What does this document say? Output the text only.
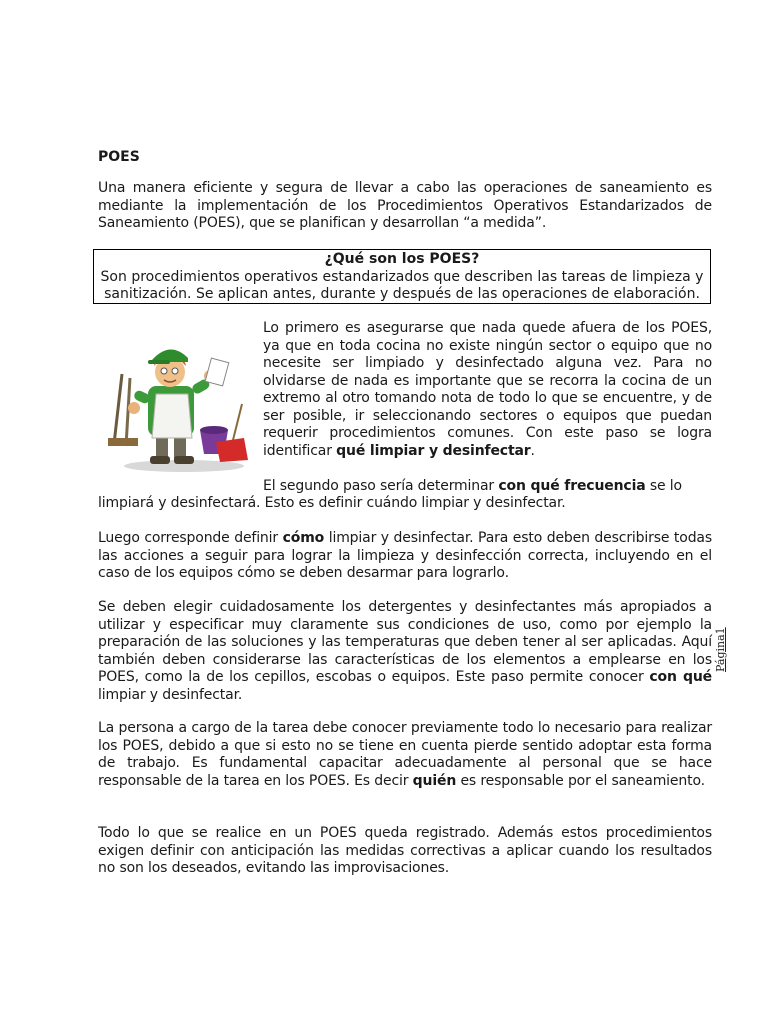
POES

Una manera eficiente y segura de llevar a cabo las operaciones de saneamiento es mediante la implementación de los Procedimientos Operativos Estandarizados de Saneamiento (POES), que se planifican y desarrollan “a medida”.

¿Qué son los POES?
Son procedimientos operativos estandarizados que describen las tareas de limpieza y sanitización. Se aplican antes, durante y después de las operaciones de elaboración.

Lo primero es asegurarse que nada quede afuera de los POES, ya que en toda cocina no existe ningún sector o equipo que no necesite ser limpiado y desinfectado alguna vez. Para no olvidarse de nada es importante que se recorra la cocina de un extremo al otro tomando nota de todo lo que se encuentre, y de ser posible, ir seleccionando sectores o equipos que puedan requerir procedimientos comunes. Con este paso se logra identificar qué limpiar y desinfectar.

El segundo paso sería determinar con qué frecuencia se lo

limpiará y desinfectará. Esto es definir cuándo limpiar y desinfectar.

Luego corresponde definir cómo limpiar y desinfectar. Para esto deben describirse todas las acciones a seguir para lograr la limpieza y desinfección correcta, incluyendo en el caso de los equipos cómo se deben desarmar para lograrlo.

Se deben elegir cuidadosamente los detergentes y desinfectantes más apropiados a utilizar y especificar muy claramente sus condiciones de uso, como por ejemplo la preparación de las soluciones y las temperaturas que deben tener al ser aplicadas. Aquí también deben considerarse las características de los elementos a emplearse en los POES, como la de los cepillos, escobas o equipos. Este paso permite conocer con qué limpiar y desinfectar.

La persona a cargo de la tarea debe conocer previamente todo lo necesario para realizar los POES, debido a que si esto no se tiene en cuenta pierde sentido adoptar esta forma de trabajo. Es fundamental capacitar adecuadamente al personal que se hace responsable de la tarea en los POES. Es decir quién es responsable por el saneamiento.

Todo lo que se realice en un POES queda registrado. Además estos procedimientos exigen definir con anticipación las medidas correctivas a aplicar cuando los resultados no son los deseados, evitando las improvisaciones.

Página1
